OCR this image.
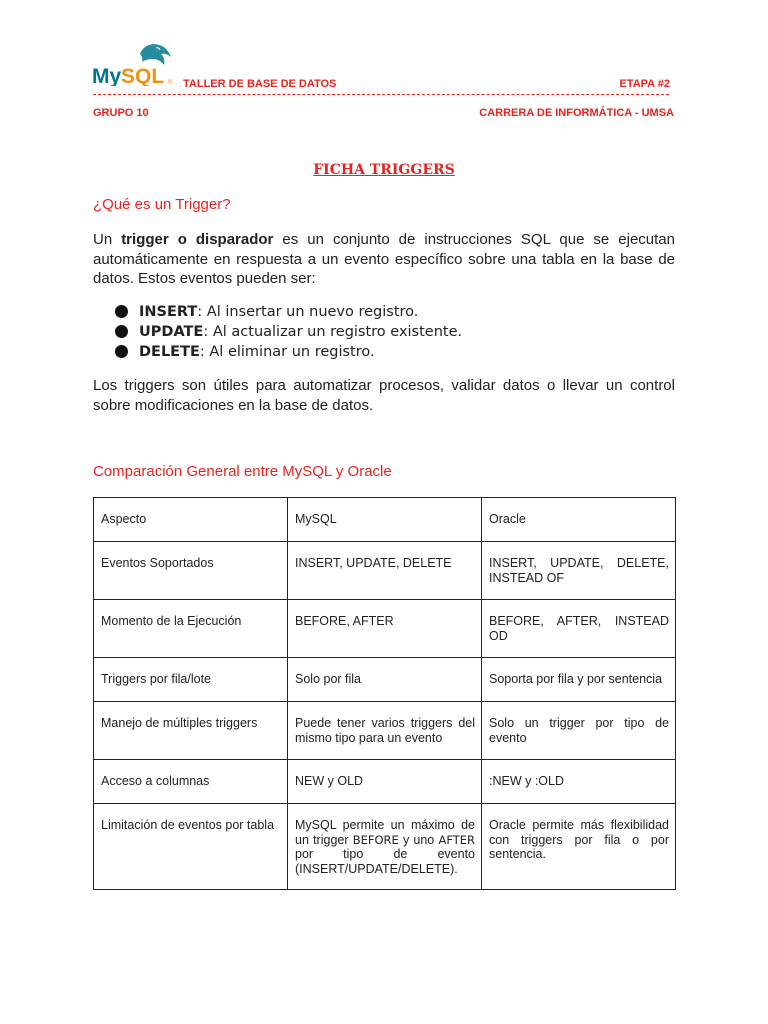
My SQL ® TALLER DE BASE DE DATOS	ETAPA #2
GRUPO 10	CARRERA DE INFORMÁTICA - UMSA
FICHA TRIGGERS
¿Qué es un Trigger?
Un trigger o disparador es un conjunto de instrucciones SQL que se ejecutan automáticamente en respuesta a un evento específico sobre una tabla en la base de datos. Estos eventos pueden ser:
INSERT: Al insertar un nuevo registro.
UPDATE: Al actualizar un registro existente.
DELETE: Al eliminar un registro.
Los triggers son útiles para automatizar procesos, validar datos o llevar un control sobre modificaciones en la base de datos.
Comparación General entre MySQL y Oracle
Aspecto	MySQL	Oracle
Eventos Soportados	INSERT, UPDATE, DELETE	INSERT, UPDATE, DELETE, INSTEAD OF
Momento de la Ejecución	BEFORE, AFTER	BEFORE, AFTER, INSTEAD OD
Triggers por fila/lote	Solo por fila	Soporta por fila y por sentencia
Manejo de múltiples triggers	Puede tener varios triggers del mismo tipo para un evento	Solo un trigger por tipo de evento
Acceso a columnas	NEW y OLD	:NEW y :OLD
Limitación de eventos por tabla	MySQL permite un máximo de un trigger BEFORE y uno AFTER por tipo de evento (INSERT/UPDATE/DELETE).	Oracle permite más flexibilidad con triggers por fila o por sentencia.
